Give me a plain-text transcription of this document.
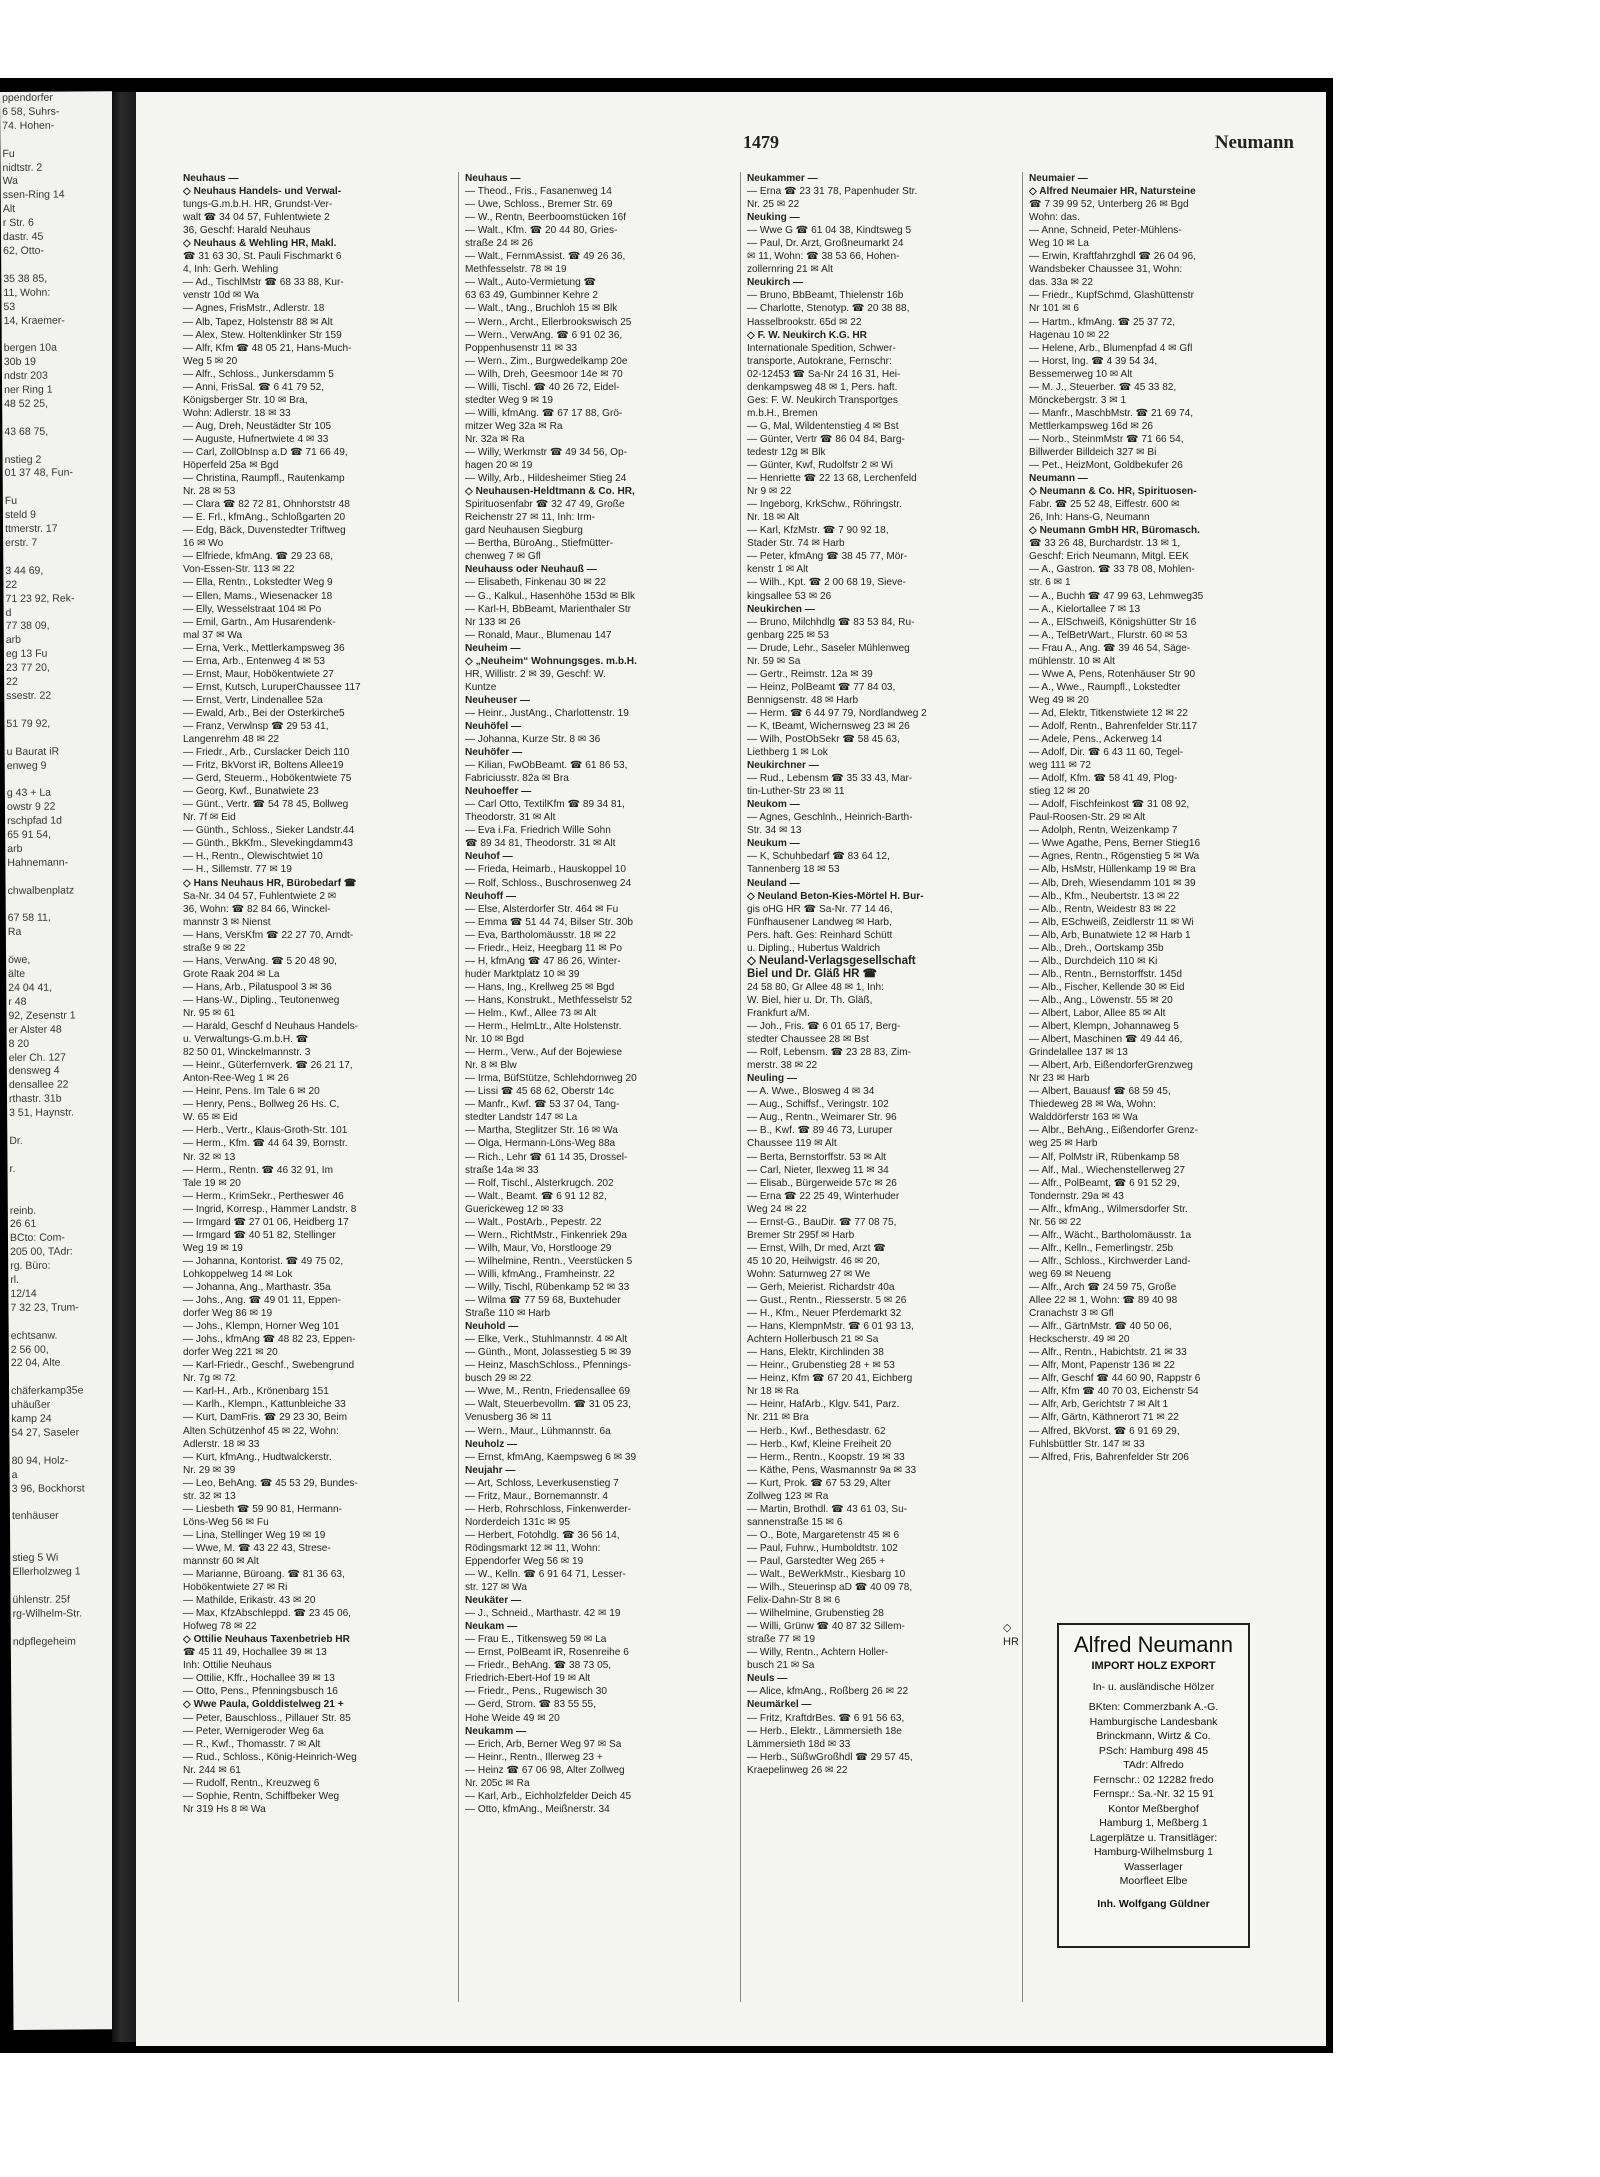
ppendorfer
6 58, Suhrs-
74. Hohen-

Fu
nidtstr. 2
Wa
ssen-Ring 14
Alt
r Str. 6
dastr. 45
62, Otto-

35 38 85,
11, Wohn:
53
14, Kraemer-

bergen 10a
30b 19
ndstr 203
ner Ring 1
48 52 25,

43 68 75,

nstieg 2
01 37 48, Fun-

Fu
steld 9
ttmerstr. 17
erstr. 7

3 44 69,
22
71 23 92, Rek-
d
77 38 09,
arb
eg 13 Fu
23 77 20,
22
ssestr. 22

51 79 92,

u Baurat iR
enweg 9

g 43 + La
owstr 9 22
rschpfad 1d
65 91 54,
arb
Hahnemann-

chwalbenplatz

67 58 11,
Ra

öwe,
älte
24 04 41,
r 48
92, Zesenstr 1
er Alster 48
8 20
eler Ch. 127
densweg 4
densallee 22
rthastr. 31b
3 51, Haynstr.

Dr.

r.

reinb.
26 61
BCto: Com-
205 00, TAdr:
rg. Büro:
rl.
12/14
7 32 23, Trum-

echtsanw.
2 56 00,
22 04, Alte

chäferkamp35e
uhäußer
kamp 24
54 27, Saseler

80 94, Holz-
a
3 96, Bockhorst

tenhäuser

stieg 5 Wi
Ellerholzweg 1

ühlenstr. 25f
rg-Wilhelm-Str.

ndpflegeheim
1479	Neumann
Neuhaus —
◇ Neuhaus Handels- und Verwal-
tungs-G.m.b.H. HR, Grundst-Ver-
walt ☎ 34 04 57, Fuhlentwiete 2
36, Geschf: Harald Neuhaus
◇ Neuhaus & Wehling HR, Makl.
☎ 31 63 30, St. Pauli Fischmarkt 6
4, Inh: Gerh. Wehling
— Ad., TischlMstr ☎ 68 33 88, Kur-
venstr 10d ✉ Wa
— Agnes, FrisMstr., Adlerstr. 18
— Alb, Tapez, Holstenstr 88 ✉ Alt
— Alex, Stew. Holtenklinker Str 159
— Alfr, Kfm ☎ 48 05 21, Hans-Much-
Weg 5 ✉ 20
— Alfr., Schloss., Junkersdamm 5
— Anni, FrisSal. ☎ 6 41 79 52,
Königsberger Str. 10 ✉ Bra,
Wohn: Adlerstr. 18 ✉ 33
— Aug, Dreh, Neustädter Str 105
— Auguste, Hufnertwiete 4 ✉ 33
— Carl, ZollObInsp a.D ☎ 71 66 49,
Höperfeld 25a ✉ Bgd
— Christina, Raumpfl., Rautenkamp
Nr. 28 ✉ 53
— Clara ☎ 82 72 81, Ohnhorststr 48
— E. Frl., kfmAng., Schloßgarten 20
— Edg, Bäck, Duvenstedter Triftweg
16 ✉ Wo
— Elfriede, kfmAng. ☎ 29 23 68,
Von-Essen-Str. 113 ✉ 22
— Ella, Rentn., Lokstedter Weg 9
— Ellen, Mams., Wiesenacker 18
— Elly, Wesselstraat 104 ✉ Po
— Emil, Gartn., Am Husarendenk-
mal 37 ✉ Wa
— Erna, Verk., Mettlerkampsweg 36
— Erna, Arb., Entenweg 4 ✉ 53
— Ernst, Maur, Hobökentwiete 27
— Ernst, Kutsch, LuruperChaussee 117
— Ernst, Vertr, Lindenallee 52a
— Ewald, Arb., Bei der Osterkirche5
— Franz, Verwlnsp ☎ 29 53 41,
Langenrehm 48 ✉ 22
— Friedr., Arb., Curslacker Deich 110
— Fritz, BkVorst iR, Boltens Allee19
— Gerd, Steuerm., Hobökentwiete 75
— Georg, Kwf., Bunatwiete 23
— Günt., Vertr. ☎ 54 78 45, Bollweg
Nr. 7f ✉ Eid
— Günth., Schloss., Sieker Landstr.44
— Günth., BkKfm., Slevekingdamm43
— H., Rentn., Olewischtwiet 10
— H., Sillemstr. 77 ✉ 19
◇ Hans Neuhaus HR, Bürobedarf ☎
Sa-Nr. 34 04 57, Fuhlentwiete 2 ✉
36, Wohn: ☎ 82 84 66, Winckel-
mannstr 3 ✉ Nienst
— Hans, VersKfm ☎ 22 27 70, Arndt-
straße 9 ✉ 22
— Hans, VerwAng. ☎ 5 20 48 90,
Grote Raak 204 ✉ La
— Hans, Arb., Pilatuspool 3 ✉ 36
— Hans-W., Dipling., Teutonenweg
Nr. 95 ✉ 61
— Harald, Geschf d Neuhaus Handels-
u. Verwaltungs-G.m.b.H. ☎
82 50 01, Winckelmannstr. 3
— Heinr., Güterfernverk. ☎ 26 21 17,
Anton-Ree-Weg 1 ✉ 26
— Heinr, Pens. Im Tale 6 ✉ 20
— Henry, Pens., Bollweg 26 Hs. C,
W. 65 ✉ Eid
— Herb., Vertr., Klaus-Groth-Str. 101
— Herm., Kfm. ☎ 44 64 39, Bornstr.
Nr. 32 ✉ 13
— Herm., Rentn. ☎ 46 32 91, Im
Tale 19 ✉ 20
— Herm., KrimSekr., Pertheswег 46
— Ingrid, Korresp., Hammer Landstr. 8
— Irmgard ☎ 27 01 06, Heidberg 17
— Irmgard ☎ 40 51 82, Stellinger
Weg 19 ✉ 19
— Johanna, Kontorist. ☎ 49 75 02,
Lohkoppelweg 14 ✉ Lok
— Johanna, Ang., Marthastr. 35a
— Johs., Ang. ☎ 49 01 11, Eppen-
dorfer Weg 86 ✉ 19
— Johs., Klempn, Horner Weg 101
— Johs., kfmAng ☎ 48 82 23, Eppen-
dorfer Weg 221 ✉ 20
— Karl-Friedr., Geschf., Swebengrund
Nr. 7g ✉ 72
— Karl-H., Arb., Krönenbarg 151
— Karlh., Klempn., Kattunbleiche 33
— Kurt, DamFris. ☎ 29 23 30, Beim
Alten Schützenhof 45 ✉ 22, Wohn:
Adlerstr. 18 ✉ 33
— Kurt, kfmAng., Hudtwalckerstr.
Nr. 29 ✉ 39
— Leo, BehAng. ☎ 45 53 29, Bundes-
str. 32 ✉ 13
— Liesbeth ☎ 59 90 81, Hermann-
Löns-Weg 56 ✉ Fu
— Lina, Stellinger Weg 19 ✉ 19
— Wwe, M. ☎ 43 22 43, Strese-
mannstr 60 ✉ Alt
— Marianne, Büroang. ☎ 81 36 63,
Hobökentwiete 27 ✉ Ri
— Mathilde, Erikastr. 43 ✉ 20
— Max, KfzAbschleppd. ☎ 23 45 06,
Hofweg 78 ✉ 22
◇ Ottilie Neuhaus Taxenbetrieb HR
☎ 45 11 49, Hochallee 39 ✉ 13
Inh: Ottilie Neuhaus
— Ottilie, Kffr., Hochallee 39 ✉ 13
— Otto, Pens., Pfenningsbusch 16
◇ Wwe Paula, Golddistelweg 21 +
— Peter, Bauschloss., Pillauer Str. 85
— Peter, Wernigeroder Weg 6a
— R., Kwf., Thomasstr. 7 ✉ Alt
— Rud., Schloss., König-Heinrich-Weg
Nr. 244 ✉ 61
— Rudolf, Rentn., Kreuzweg 6
— Sophie, Rentn, Schiffbeker Weg
Nr 319 Hs 8 ✉ Wa
Neuhaus —
— Theod., Fris., Fasanenweg 14
— Uwe, Schloss., Bremer Str. 69
— W., Rentn, Beerboomstücken 16f
— Walt., Kfm. ☎ 20 44 80, Gries-
straße 24 ✉ 26
— Walt., FernmAssist. ☎ 49 26 36,
Methfesselstr. 78 ✉ 19
— Walt., Auto-Vermietung ☎
63 63 49, Gumbinner Kehre 2
— Walt., tAng., Bruchloh 15 ✉ Blk
— Wern., Archt., Ellerbrookswisch 25
— Wern., VerwAng. ☎ 6 91 02 36,
Poppenhusenstr 11 ✉ 33
— Wern., Zim., Burgwedelkamp 20e
— Wilh, Dreh, Geesmoor 14e ✉ 70
— Willi, Tischl. ☎ 40 26 72, Eidel-
stedter Weg 9 ✉ 19
— Willi, kfmAng. ☎ 67 17 88, Grö-
mitzer Weg 32a ✉ Ra
Nr. 32a ✉ Ra
— Willy, Werkmstr ☎ 49 34 56, Op-
hagen 20 ✉ 19
— Willy, Arb., Hildesheimer Stieg 24
◇ Neuhausen-Heldtmann & Co. HR,
Spirituosenfabr ☎ 32 47 49, Große
Reichenstr 27 ✉ 11, Inh: Irm-
gard Neuhausen Siegburg
— Bertha, BüroAng., Stiefmütter-
chenweg 7 ✉ Gfl
Neuhauss oder Neuhauß —
— Elisabeth, Finkenau 30 ✉ 22
— G., Kalkul., Hasenhöhe 153d ✉ Blk
— Karl-H, BbBeamt, Marienthaler Str
Nr 133 ✉ 26
— Ronald, Maur., Blumenau 147
Neuheim —
◇ „Neuheim“ Wohnungsges. m.b.H.
HR, Willistr. 2 ✉ 39, Geschf: W.
Kuntze
Neuheuser —
— Heinr., JustAng., Charlottenstr. 19
Neuhöfel —
— Johanna, Kurze Str. 8 ✉ 36
Neuhöfer —
— Kilian, FwObBeamt. ☎ 61 86 53,
Fabriciusstr. 82a ✉ Bra
Neuhoeffer —
— Carl Otto, TextilKfm ☎ 89 34 81,
Theodorstr. 31 ✉ Alt
— Eva i.Fa. Friedrich Wille Sohn
☎ 89 34 81, Theodorstr. 31 ✉ Alt
Neuhof —
— Frieda, Heimarb., Hauskoppel 10
— Rolf, Schloss., Buschrosenweg 24
Neuhoff —
— Else, Alsterdorfer Str. 464 ✉ Fu
— Emma ☎ 51 44 74, Bilser Str. 30b
— Eva, Bartholomäusstr. 18 ✉ 22
— Friedr., Heiz, Heegbarg 11 ✉ Po
— H, kfmAng ☎ 47 86 26, Winter-
huder Marktplatz 10 ✉ 39
— Hans, Ing., Krellweg 25 ✉ Bgd
— Hans, Konstrukt., Methfesselstr 52
— Helm., Kwf., Allee 73 ✉ Alt
— Herm., HelmLtr., Alte Holstenstr.
Nr. 10 ✉ Bgd
— Herm., Verw., Auf der Bojewiese
Nr. 8 ✉ Blw
— Irma, BüfStütze, Schlehdornweg 20
— Lissi ☎ 45 68 62, Oberstr 14c
— Manfr., Kwf. ☎ 53 37 04, Tang-
stedter Landstr 147 ✉ La
— Martha, Steglitzer Str. 16 ✉ Wa
— Olga, Hermann-Löns-Weg 88a
— Rich., Lehr ☎ 61 14 35, Drossel-
straße 14a ✉ 33
— Rolf, Tischl., Alsterkrugch. 202
— Walt., Beamt. ☎ 6 91 12 82,
Guerickeweg 12 ✉ 33
— Walt., PostArb., Pepestr. 22
— Wern., RichtMstr., Finkenriek 29a
— Wilh, Maur, Vo, Horstlooge 29
— Wilhelmine, Rentn., Veerstücken 5
— Willi, kfmAng., Framheinstr. 22
— Willy, Tischl, Rübenkamp 52 ✉ 33
— Wilma ☎ 77 59 68, Buxtehuder
Straße 110 ✉ Harb
Neuhold —
— Elke, Verk., Stuhlmannstr. 4 ✉ Alt
— Günth., Mont, Jolassestieg 5 ✉ 39
— Heinz, MaschSchloss., Pfennings-
busch 29 ✉ 22
— Wwe, M., Rentn, Friedensallee 69
— Walt, Steuerbevollm. ☎ 31 05 23,
Venusberg 36 ✉ 11
— Wern., Maur., Lühmannstr. 6a
Neuholz —
— Ernst, kfmAng, Kaempsweg 6 ✉ 39
Neujahr —
— Art, Schloss, Leverkusenstieg 7
— Fritz, Maur., Bornemannstr. 4
— Herb, Rohrschloss, Finkenwerder-
Norderdeich 131c ✉ 95
— Herbert, Fotohdlg. ☎ 36 56 14,
Rödingsmarkt 12 ✉ 11, Wohn:
Eppendorfer Weg 56 ✉ 19
— W., Kelln. ☎ 6 91 64 71, Lesser-
str. 127 ✉ Wa
Neukäter —
— J., Schneid., Marthastr. 42 ✉ 19
Neukam —
— Frau E., Titkensweg 59 ✉ La
— Ernst, PolBeamt iR, Rosenreihe 6
— Friedr., BehAng. ☎ 38 73 05,
Friedrich-Ebert-Hof 19 ✉ Alt
— Friedr., Pens., Rugewisch 30
— Gerd, Strom. ☎ 83 55 55,
Hohe Weide 49 ✉ 20
Neukamm —
— Erich, Arb, Berner Weg 97 ✉ Sa
— Heinr., Rentn., Illerweg 23 +
— Heinz ☎ 67 06 98, Alter Zollweg
Nr. 205c ✉ Ra
— Karl, Arb., Eichholzfelder Deich 45
— Otto, kfmAng., Meißnerstr. 34
Neukammer —
— Erna ☎ 23 31 78, Papenhuder Str.
Nr. 25 ✉ 22
Neuking —
— Wwe G ☎ 61 04 38, Kindtsweg 5
— Paul, Dr. Arzt, Großneumarkt 24
✉ 11, Wohn: ☎ 38 53 66, Hohen-
zollernring 21 ✉ Alt
Neukirch —
— Bruno, BbBeamt, Thielenstr 16b
— Charlotte, Stenotyp. ☎ 20 38 88,
Hasselbrookstr. 65d ✉ 22
◇ F. W. Neukirch K.G. HR
Internationale Spedition, Schwer-
transporte, Autokrane, Fernschr:
02-12453 ☎ Sa-Nr 24 16 31, Hei-
denkampsweg 48 ✉ 1, Pers. haft.
Ges: F. W. Neukirch Transportges
m.b.H., Bremen
— G, Mal, Wildentenstieg 4 ✉ Bst
— Günter, Vertr ☎ 86 04 84, Barg-
tedestr 12g ✉ Blk
— Günter, Kwf, Rudolfstr 2 ✉ Wi
— Henriette ☎ 22 13 68, Lerchenfeld
Nr 9 ✉ 22
— Ingeborg, KrkSchw., Röhringstr.
Nr. 18 ✉ Alt
— Karl, KfzMstr. ☎ 7 90 92 18,
Stader Str. 74 ✉ Harb
— Peter, kfmAng ☎ 38 45 77, Mör-
kenstr 1 ✉ Alt
— Wilh., Kpt. ☎ 2 00 68 19, Sieve-
kingsallee 53 ✉ 26
Neukirchen —
— Bruno, Milchhdlg ☎ 83 53 84, Ru-
genbarg 225 ✉ 53
— Drude, Lehr., Saseler Mühlenweg
Nr. 59 ✉ Sa
— Gertr., Reimstr. 12a ✉ 39
— Heinz, PolBeamt ☎ 77 84 03,
Bennigsenstr. 48 ✉ Harb
— Herm. ☎ 6 44 97 79, Nordlandweg 2
— K, tBeamt, Wichernsweg 23 ✉ 26
— Wilh, PostObSekr ☎ 58 45 63,
Liethberg 1 ✉ Lok
Neukirchner —
— Rud., Lebensm ☎ 35 33 43, Mar-
tin-Luther-Str 23 ✉ 11
Neukom —
— Agnes, Geschlnh., Heinrich-Barth-
Str. 34 ✉ 13
Neukum —
— K, Schuhbedarf ☎ 83 64 12,
Tannenberg 18 ✉ 53
Neuland —
◇ Neuland Beton-Kies-Mörtel H. Bur-
gis oHG HR ☎ Sa-Nr. 77 14 46,
Fünfhausener Landweg ✉ Harb,
Pers. haft. Ges: Reinhard Schütt
u. Dipling., Hubertus Waldrich
◇ Neuland-Verlagsgesellschaft
Biel und Dr. Gläß HR ☎
24 58 80, Gr Allee 48 ✉ 1, Inh:
W. Biel, hier u. Dr. Th. Gläß,
Frankfurt a/M.
— Joh., Fris. ☎ 6 01 65 17, Berg-
stedter Chaussee 28 ✉ Bst
— Rolf, Lebensm. ☎ 23 28 83, Zim-
merstr. 38 ✉ 22
Neuling —
— A. Wwe., Blosweg 4 ✉ 34
— Aug., Schiffsf., Veringstr. 102
— Aug., Rentn., Weimarer Str. 96
— B., Kwf. ☎ 89 46 73, Luruper
Chaussee 119 ✉ Alt
— Berta, Bernstorffstr. 53 ✉ Alt
— Carl, Nieter, Ilexweg 11 ✉ 34
— Elisab., Bürgerweide 57c ✉ 26
— Erna ☎ 22 25 49, Winterhuder
Weg 24 ✉ 22
— Ernst-G., BauDir. ☎ 77 08 75,
Bremer Str 295f ✉ Harb
— Ernst, Wilh, Dr med, Arzt ☎
45 10 20, Heilwigstr. 46 ✉ 20,
Wohn: Saturnweg 27 ✉ We
— Gerh, Meierist. Richardstr 40a
— Gust., Rentn., Riesserstr. 5 ✉ 26
— H., Kfm., Neuer Pferdemarkt 32
— Hans, KlempnMstr. ☎ 6 01 93 13,
Achtern Hollerbusch 21 ✉ Sa
— Hans, Elektr, Kirchlinden 38
— Heinr., Grubenstieg 28 + ✉ 53
— Heinz, Kfm ☎ 67 20 41, Eichberg
Nr 18 ✉ Ra
— Heinr, HafArb., Klgv. 541, Parz.
Nr. 211 ✉ Bra
— Herb., Kwf., Bethesdastr. 62
— Herb., Kwf, Kleine Freiheit 20
— Herm., Rentn., Koopstr. 19 ✉ 33
— Käthe, Pens, Wasmannstr 9a ✉ 33
— Kurt, Prok. ☎ 67 53 29, Alter
Zollweg 123 ✉ Ra
— Martin, Brothdl. ☎ 43 61 03, Su-
sannenstraße 15 ✉ 6
— O., Bote, Margaretenstr 45 ✉ 6
— Paul, Fuhrw., Humboldtstr. 102
— Paul, Garstedter Weg 265 +
— Walt., BeWerkMstr., Kiesbarg 10
— Wilh., Steuerinsp aD ☎ 40 09 78,
Felix-Dahn-Str 8 ✉ 6
— Wilhelmine, Grubenstieg 28
— Willi, Grünw ☎ 40 87 32 Sillem-
straße 77 ✉ 19
— Willy, Rentn., Achtern Holler-
busch 21 ✉ Sa
Neuls —
— Alice, kfmAng., Roßberg 26 ✉ 22
Neumärkel —
— Fritz, KraftdrBes. ☎ 6 91 56 63,
— Herb., Elektr., Lämmersieth 18e
Lämmersieth 18d ✉ 33
— Herb., SüßwGroßhdl ☎ 29 57 45,
Kraepelinweg 26 ✉ 22
Neumaier —
◇ Alfred Neumaier HR, Natursteine
☎ 7 39 99 52, Unterberg 26 ✉ Bgd
Wohn: das.
— Anne, Schneid, Peter-Mühlens-
Weg 10 ✉ La
— Erwin, Kraftfahrzghdl ☎ 26 04 96,
Wandsbeker Chaussee 31, Wohn:
das. 33a ✉ 22
— Friedr., KupfSchmd, Glashüttenstr
Nr 101 ✉ 6
— Hartm., kfmAng. ☎ 25 37 72,
Hagenau 10 ✉ 22
— Helene, Arb., Blumenpfad 4 ✉ Gfl
— Horst, Ing. ☎ 4 39 54 34,
Bessemerweg 10 ✉ Alt
— M. J., Steuerber. ☎ 45 33 82,
Mönckebergstr. 3 ✉ 1
— Manfr., MaschbMstr. ☎ 21 69 74,
Mettlerkampsweg 16d ✉ 26
— Norb., SteinmMstr ☎ 71 66 54,
Billwerder Billdeich 327 ✉ Bi
— Pet., HeizMont, Goldbekufer 26
Neumann —
◇ Neumann & Co. HR, Spirituosen-
Fabr. ☎ 25 52 48, Eiffestr. 600 ✉
26, Inh: Hans-G, Neumann
◇ Neumann GmbH HR, Büromasch.
☎ 33 26 48, Burchardstr. 13 ✉ 1,
Geschf: Erich Neumann, Mitgl. EEK
— A., Gastron. ☎ 33 78 08, Mohlen-
str. 6 ✉ 1
— A., Buchh ☎ 47 99 63, Lehmweg35
— A., Kielortallee 7 ✉ 13
— A., ElSchweiß, Königshütter Str 16
— A., TelBetrWart., Flurstr. 60 ✉ 53
— Frau A., Ang. ☎ 39 46 54, Säge-
mühlenstr. 10 ✉ Alt
— Wwe A, Pens, Rotenhäuser Str 90
— A., Wwe., Raumpfl., Lokstedter
Weg 49 ✉ 20
— Ad, Elektr, Titkenstwiete 12 ✉ 22
— Adolf, Rentn., Bahrenfelder Str.117
— Adele, Pens., Ackerweg 14
— Adolf, Dir. ☎ 6 43 11 60, Tegel-
weg 111 ✉ 72
— Adolf, Kfm. ☎ 58 41 49, Plog-
stieg 12 ✉ 20
— Adolf, Fischfeinkost ☎ 31 08 92,
Paul-Roosen-Str. 29 ✉ Alt
— Adolph, Rentn, Weizenkamp 7
— Wwe Agathe, Pens, Berner Stieg16
— Agnes, Rentn., Rögenstieg 5 ✉ Wa
— Alb, HsMstr, Hüllenkamp 19 ✉ Bra
— Alb, Dreh, Wiesendamm 101 ✉ 39
— Alb., Kfm., Neubertstr. 13 ✉ 22
— Alb., Rentn, Weidestr 83 ✉ 22
— Alb, ESchweiß, Zeidlerstr 11 ✉ Wi
— Alb, Arb, Bunatwiete 12 ✉ Harb 1
— Alb., Dreh., Oortskamp 35b
— Alb., Durchdeich 110 ✉ Ki
— Alb., Rentn., Bernstorffstr. 145d
— Alb., Fischer, Kellende 30 ✉ Eid
— Alb., Ang., Löwenstr. 55 ✉ 20
— Albert, Labor, Allee 85 ✉ Alt
— Albert, Klempn, Johannaweg 5
— Albert, Maschinen ☎ 49 44 46,
Grindelallee 137 ✉ 13
— Albert, Arb, EißendorferGrenzweg
Nr 23 ✉ Harb
— Albert, Bauausf ☎ 68 59 45,
Thiedeweg 28 ✉ Wa, Wohn:
Walddörferstr 163 ✉ Wa
— Albr., BehAng., Eißendorfer Grenz-
weg 25 ✉ Harb
— Alf, PolMstr iR, Rübenkamp 58
— Alf., Mal., Wiechenstellerweg 27
— Alfr., PolBeamt, ☎ 6 91 52 29,
Tondernstr. 29a ✉ 43
— Alfr., kfmAng., Wilmersdorfer Str.
Nr. 56 ✉ 22
— Alfr., Wächt., Bartholomäusstr. 1a
— Alfr., Kelln., Femerlingstr. 25b
— Alfr., Schloss., Kirchwerder Land-
weg 69 ✉ Neueng
— Alfr., Arch ☎ 24 59 75, Große
Allee 22 ✉ 1, Wohn: ☎ 89 40 98
Cranachstr 3 ✉ Gfl
— Alfr., GärtnMstr. ☎ 40 50 06,
Heckscherstr. 49 ✉ 20
— Alfr., Rentn., Habichtstr. 21 ✉ 33
— Alfr, Mont, Papenstr 136 ✉ 22
— Alfr, Geschf ☎ 44 60 90, Rappstr 6
— Alfr, Kfm ☎ 40 70 03, Eichenstr 54
— Alfr, Arb, Gerichtstr 7 ✉ Alt 1
— Alfr, Gärtn, Käthnerort 71 ✉ 22
— Alfred, BkVorst. ☎ 6 91 69 29,
Fuhlsbüttler Str. 147 ✉ 33
— Alfred, Fris, Bahrenfelder Str 206
◇ HR	Alfred Neumann
IMPORT HOLZ EXPORT
In- u. ausländische Hölzer
BKten: Commerzbank A.-G.
Hamburgische Landesbank
Brinckmann, Wirtz & Co.
PSch: Hamburg 498 45
TAdr: Alfredo
Fernschr.: 02 12282 fredo
Fernspr.: Sa.-Nr. 32 15 91
Kontor Meßberghof
Hamburg 1, Meßberg 1
Lagerplätze u. Transitläger:
Hamburg-Wilhelmsburg 1
Wasserlager
Moorfleet Elbe
Inh. Wolfgang Güldner
